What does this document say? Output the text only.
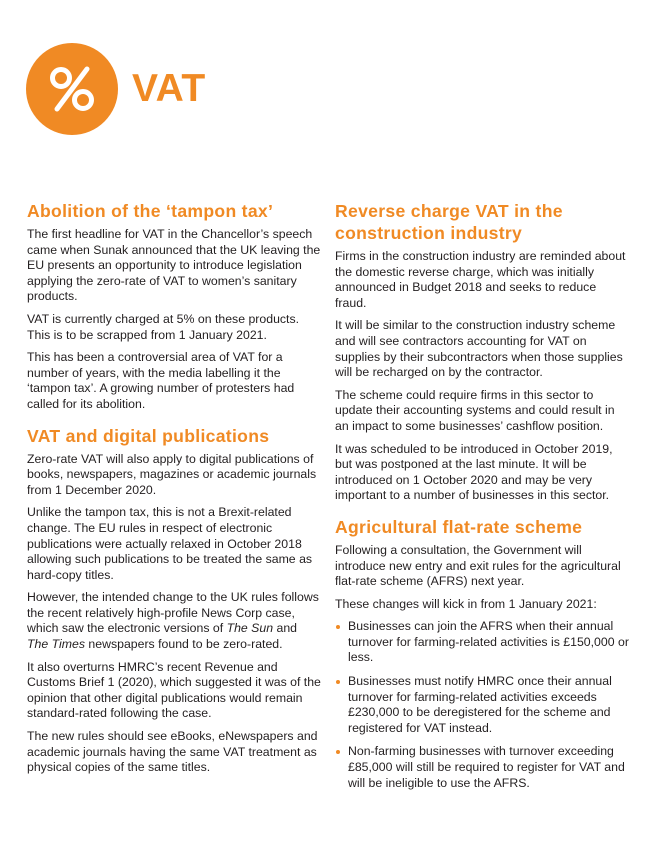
VAT
Abolition of the ‘tampon tax’

The first headline for VAT in the Chancellor’s speech came when Sunak announced that the UK leaving the EU presents an opportunity to introduce legislation applying the zero-rate of VAT to women’s sanitary products.

VAT is currently charged at 5% on these products. This is to be scrapped from 1 January 2021.

This has been a controversial area of VAT for a number of years, with the media labelling it the ‘tampon tax’. A growing number of protesters had called for its abolition.

VAT and digital publications

Zero-rate VAT will also apply to digital publications of books, newspapers, magazines or academic journals from 1 December 2020.

Unlike the tampon tax, this is not a Brexit-related change. The EU rules in respect of electronic publications were actually relaxed in October 2018 allowing such publications to be treated the same as hard-copy titles.

However, the intended change to the UK rules follows the recent relatively high-profile News Corp case, which saw the electronic versions of The Sun and The Times newspapers found to be zero-rated.

It also overturns HMRC’s recent Revenue and Customs Brief 1 (2020), which suggested it was of the opinion that other digital publications would remain standard-rated following the case.

The new rules should see eBooks, eNewspapers and academic journals having the same VAT treatment as physical copies of the same titles.

Reverse charge VAT in the construction industry

Firms in the construction industry are reminded about the domestic reverse charge, which was initially announced in Budget 2018 and seeks to reduce fraud.

It will be similar to the construction industry scheme and will see contractors accounting for VAT on supplies by their subcontractors when those supplies will be recharged on by the contractor.

The scheme could require firms in this sector to update their accounting systems and could result in an impact to some businesses’ cashflow position.

It was scheduled to be introduced in October 2019, but was postponed at the last minute. It will be introduced on 1 October 2020 and may be very important to a number of businesses in this sector.

Agricultural flat-rate scheme

Following a consultation, the Government will introduce new entry and exit rules for the agricultural flat-rate scheme (AFRS) next year.

These changes will kick in from 1 January 2021:

Businesses can join the AFRS when their annual turnover for farming-related activities is £150,000 or less.
Businesses must notify HMRC once their annual turnover for farming-related activities exceeds £230,000 to be deregistered for the scheme and registered for VAT instead.
Non-farming businesses with turnover exceeding £85,000 will still be required to register for VAT and will be ineligible to use the AFRS.
